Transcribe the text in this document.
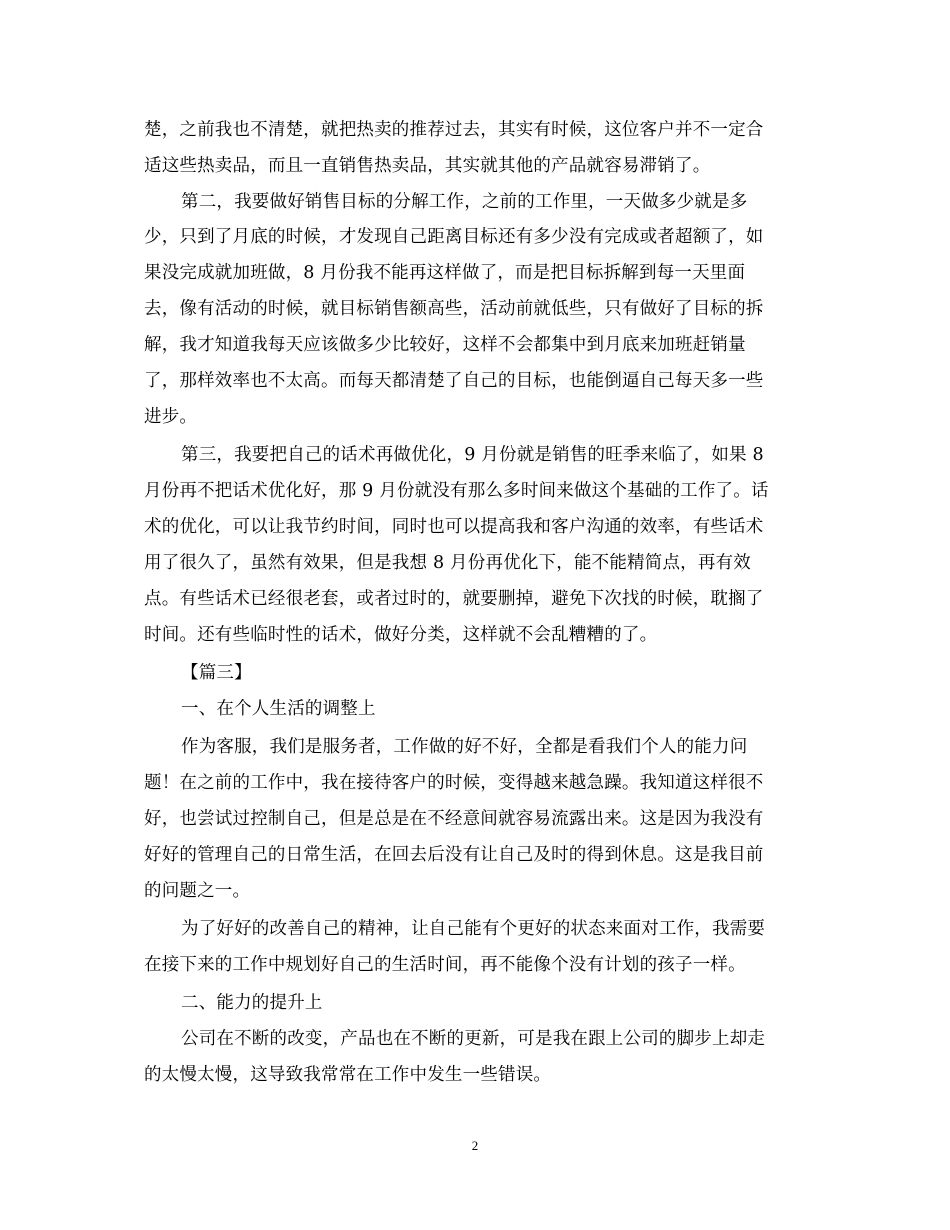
楚，之前我也不清楚，就把热卖的推荐过去，其实有时候，这位客户并不一定合
适这些热卖品，而且一直销售热卖品，其实就其他的产品就容易滞销了。
第二，我要做好销售目标的分解工作，之前的工作里，一天做多少就是多
少，只到了月底的时候，才发现自己距离目标还有多少没有完成或者超额了，如
果没完成就加班做，8 月份我不能再这样做了，而是把目标拆解到每一天里面
去，像有活动的时候，就目标销售额高些，活动前就低些，只有做好了目标的拆
解，我才知道我每天应该做多少比较好，这样不会都集中到月底来加班赶销量
了，那样效率也不太高。而每天都清楚了自己的目标，也能倒逼自己每天多一些
进步。
第三，我要把自己的话术再做优化，9 月份就是销售的旺季来临了，如果 8
月份再不把话术优化好，那 9 月份就没有那么多时间来做这个基础的工作了。话
术的优化，可以让我节约时间，同时也可以提高我和客户沟通的效率，有些话术
用了很久了，虽然有效果，但是我想 8 月份再优化下，能不能精简点，再有效
点。有些话术已经很老套，或者过时的，就要删掉，避免下次找的时候，耽搁了
时间。还有些临时性的话术，做好分类，这样就不会乱糟糟的了。
【篇三】
一、在个人生活的调整上
作为客服，我们是服务者，工作做的好不好，全都是看我们个人的能力问
题！在之前的工作中，我在接待客户的时候，变得越来越急躁。我知道这样很不
好，也尝试过控制自己，但是总是在不经意间就容易流露出来。这是因为我没有
好好的管理自己的日常生活，在回去后没有让自己及时的得到休息。这是我目前
的问题之一。
为了好好的改善自己的精神，让自己能有个更好的状态来面对工作，我需要
在接下来的工作中规划好自己的生活时间，再不能像个没有计划的孩子一样。
二、能力的提升上
公司在不断的改变，产品也在不断的更新，可是我在跟上公司的脚步上却走
的太慢太慢，这导致我常常在工作中发生一些错误。
2
